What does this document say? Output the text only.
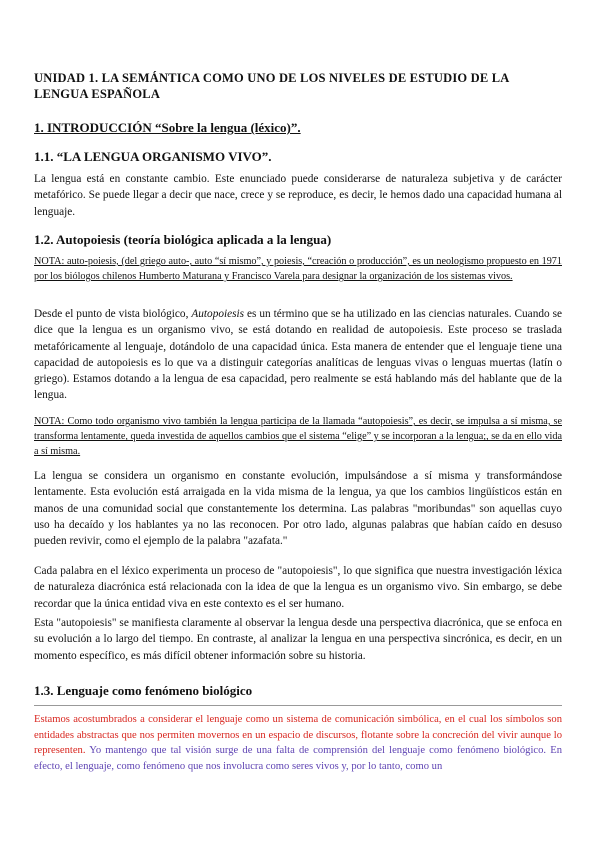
UNIDAD 1. LA SEMÁNTICA COMO UNO DE LOS NIVELES DE ESTUDIO DE LA LENGUA ESPAÑOLA

1. INTRODUCCIÓN “Sobre la lengua (léxico)”.

1.1. “LA LENGUA ORGANISMO VIVO”.

La lengua está en constante cambio. Este enunciado puede considerarse de naturaleza subjetiva y de carácter metafórico. Se puede llegar a decir que nace, crece y se reproduce, es decir, le hemos dado una capacidad humana al lenguaje.

1.2. Autopoiesis (teoría biológica aplicada a la lengua)

NOTA: auto-poiesis, (del griego auto-, auto “sí mismo”, y poiesis, “creación o producción”, es un neologismo propuesto en 1971 por los biólogos chilenos Humberto Maturana y Francisco Varela para designar la organización de los sistemas vivos.

Desde el punto de vista biológico, Autopoiesis es un término que se ha utilizado en las ciencias naturales. Cuando se dice que la lengua es un organismo vivo, se está dotando en realidad de autopoiesis. Este proceso se traslada metafóricamente al lenguaje, dotándolo de una capacidad única. Esta manera de entender que el lenguaje tiene una capacidad de autopoiesis es lo que va a distinguir categorías analíticas de lenguas vivas o lenguas muertas (latín o griego). Estamos dotando a la lengua de esa capacidad, pero realmente se está hablando más del hablante que de la lengua.

NOTA: Como todo organismo vivo también la lengua participa de la llamada “autopoiesis”, es decir, se impulsa a sí misma, se transforma lentamente, queda investida de aquellos cambios que el sistema “elige” y se incorporan a la lengua;, se da en ello vida a sí misma.

La lengua se considera un organismo en constante evolución, impulsándose a sí misma y transformándose lentamente. Esta evolución está arraigada en la vida misma de la lengua, ya que los cambios lingüísticos están en manos de una comunidad social que constantemente los determina. Las palabras "moribundas" son aquellas cuyo uso ha decaído y los hablantes ya no las reconocen. Por otro lado, algunas palabras que habían caído en desuso pueden revivir, como el ejemplo de la palabra "azafata."

Cada palabra en el léxico experimenta un proceso de "autopoiesis", lo que significa que nuestra investigación léxica de naturaleza diacrónica está relacionada con la idea de que la lengua es un organismo vivo. Sin embargo, se debe recordar que la única entidad viva en este contexto es el ser humano.

Esta "autopoiesis" se manifiesta claramente al observar la lengua desde una perspectiva diacrónica, que se enfoca en su evolución a lo largo del tiempo. En contraste, al analizar la lengua en una perspectiva sincrónica, es decir, en un momento específico, es más difícil obtener información sobre su historia.

1.3. Lenguaje como fenómeno biológico

Estamos acostumbrados a considerar el lenguaje como un sistema de comunicación simbólica, en el cual los símbolos son entidades abstractas que nos permiten movernos en un espacio de discursos, flotante sobre la concreción del vivir aunque lo representen. Yo mantengo que tal visión surge de una falta de comprensión del lenguaje como fenómeno biológico. En efecto, el lenguaje, como fenómeno que nos involucra como seres vivos y, por lo tanto, como un
